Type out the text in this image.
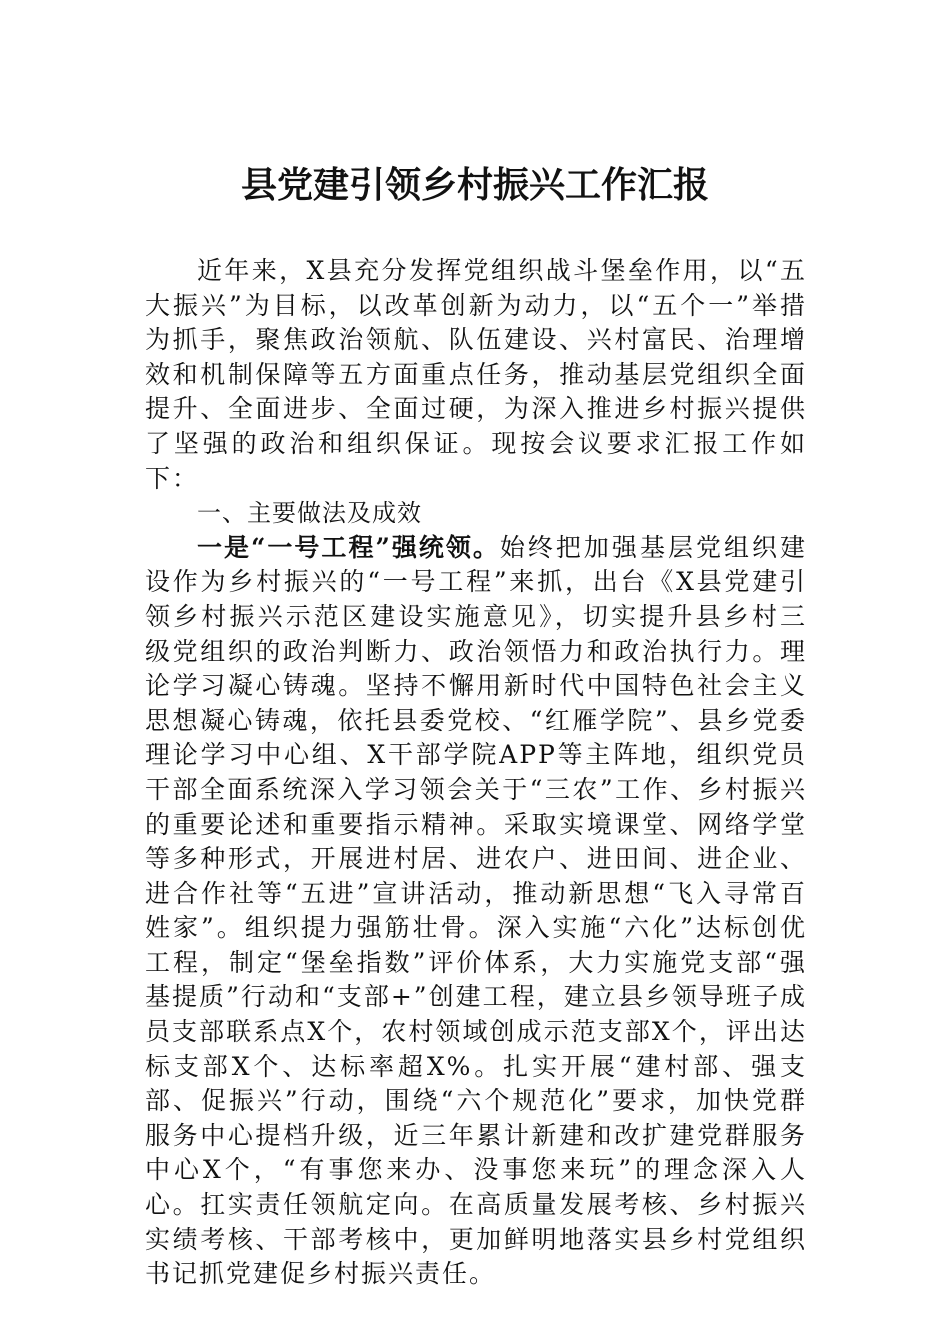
县党建引领乡村振兴工作汇报

近年来，X县充分发挥党组织战斗堡垒作用，以“五大振兴”为目标，以改革创新为动力，以“五个一”举措为抓手，聚焦政治领航、队伍建设、兴村富民、治理增效和机制保障等五方面重点任务，推动基层党组织全面提升、全面进步、全面过硬，为深入推进乡村振兴提供了坚强的政治和组织保证。现按会议要求汇报工作如下：

一、主要做法及成效

一是“一号工程”强统领。始终把加强基层党组织建设作为乡村振兴的“一号工程”来抓，出台《X县党建引领乡村振兴示范区建设实施意见》，切实提升县乡村三级党组织的政治判断力、政治领悟力和政治执行力。理论学习凝心铸魂。坚持不懈用新时代中国特色社会主义思想凝心铸魂，依托县委党校、“红雁学院”、县乡党委理论学习中心组、X干部学院APP等主阵地，组织党员干部全面系统深入学习领会关于“三农”工作、乡村振兴的重要论述和重要指示精神。采取实境课堂、网络学堂等多种形式，开展进村居、进农户、进田间、进企业、进合作社等“五进”宣讲活动，推动新思想“飞入寻常百姓家”。组织提力强筋壮骨。深入实施“六化”达标创优工程，制定“堡垒指数”评价体系，大力实施党支部“强基提质”行动和“支部+”创建工程，建立县乡领导班子成员支部联系点X个，农村领域创成示范支部X个，评出达标支部X个、达标率超X%。扎实开展“建村部、强支部、促振兴”行动，围绕“六个规范化”要求，加快党群服务中心提档升级，近三年累计新建和改扩建党群服务中心X个，“有事您来办、没事您来玩”的理念深入人心。扛实责任领航定向。在高质量发展考核、乡村振兴实绩考核、干部考核中，更加鲜明地落实县乡村党组织书记抓党建促乡村振兴责任。
